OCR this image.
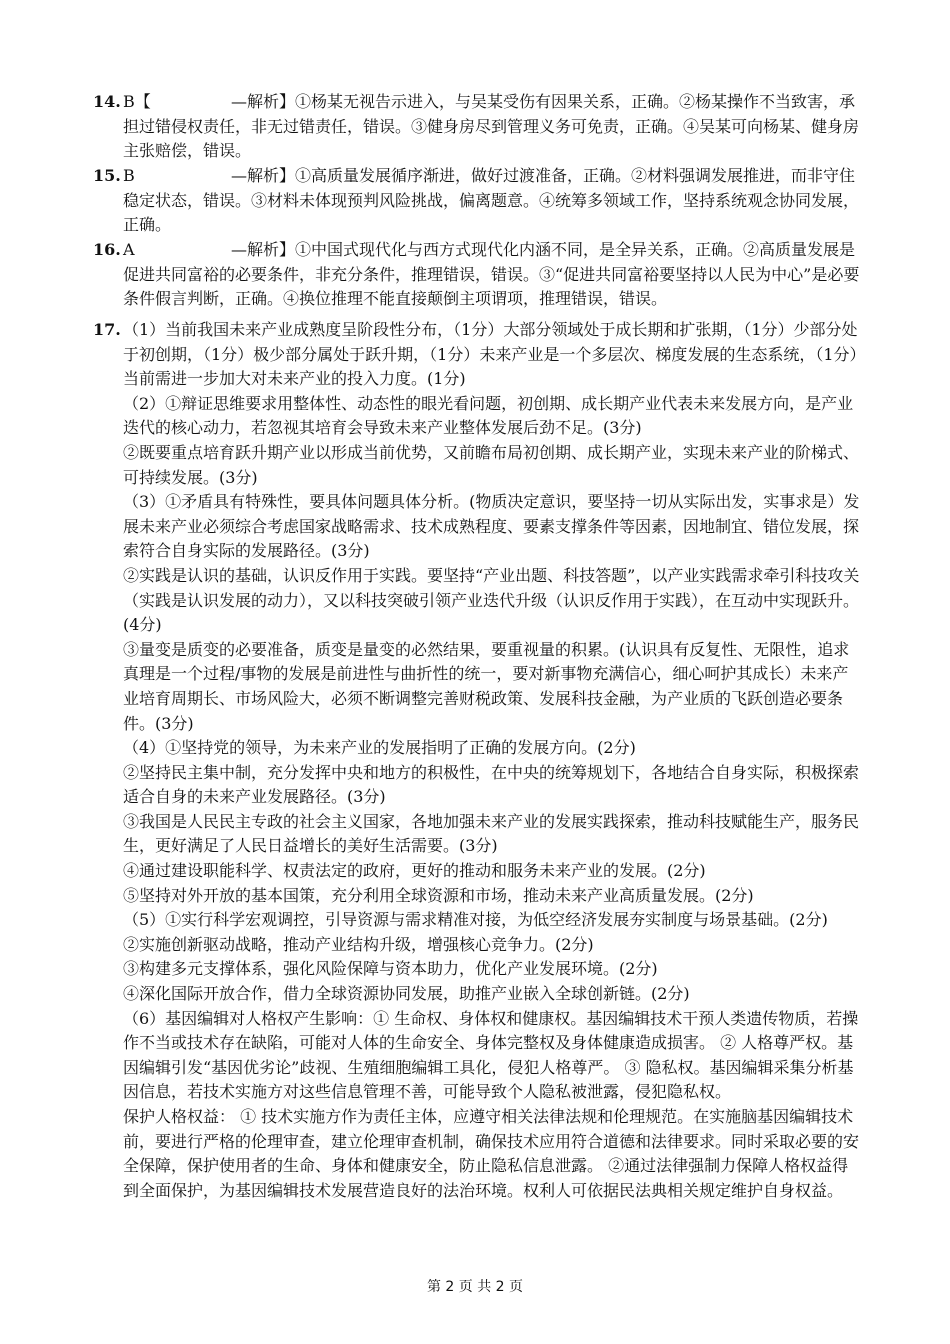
14. B【	—解析】①杨某无视告示进入，与吴某受伤有因果关系，正确。②杨某操作不当致害，承担过错侵权责任，非无过错责任，错误。③健身房尽到管理义务可免责，正确。④吴某可向杨某、健身房主张赔偿，错误。
15. B	—解析】①高质量发展循序渐进，做好过渡准备，正确。②材料强调发展推进，而非守住稳定状态，错误。③材料未体现预判风险挑战，偏离题意。④统筹多领域工作，坚持系统观念协同发展，正确。
16. A	—解析】①中国式现代化与西方式现代化内涵不同，是全异关系，正确。②高质量发展是促进共同富裕的必要条件，非充分条件，推理错误，错误。③“促进共同富裕要坚持以人民为中心”是必要条件假言判断，正确。④换位推理不能直接颠倒主项谓项，推理错误，错误。
17. （1）当前我国未来产业成熟度呈阶段性分布，（1分）大部分领域处于成长期和扩张期，（1分）少部分处于初创期，（1分）极少部分属处于跃升期，（1分）未来产业是一个多层次、梯度发展的生态系统，（1分）当前需进一步加大对未来产业的投入力度。(1分)
（2）①辩证思维要求用整体性、动态性的眼光看问题，初创期、成长期产业代表未来发展方向，是产业迭代的核心动力，若忽视其培育会导致未来产业整体发展后劲不足。(3分)
②既要重点培育跃升期产业以形成当前优势，又前瞻布局初创期、成长期产业，实现未来产业的阶梯式、可持续发展。(3分)
（3）①矛盾具有特殊性，要具体问题具体分析。(物质决定意识，要坚持一切从实际出发，实事求是）发展未来产业必须综合考虑国家战略需求、技术成熟程度、要素支撑条件等因素，因地制宜、错位发展，探索符合自身实际的发展路径。(3分)
②实践是认识的基础，认识反作用于实践。要坚持“产业出题、科技答题”，以产业实践需求牵引科技攻关（实践是认识发展的动力），又以科技突破引领产业迭代升级（认识反作用于实践），在互动中实现跃升。(4分)
③量变是质变的必要准备，质变是量变的必然结果，要重视量的积累。(认识具有反复性、无限性，追求真理是一个过程/事物的发展是前进性与曲折性的统一，要对新事物充满信心，细心呵护其成长）未来产业培育周期长、市场风险大，必须不断调整完善财税政策、发展科技金融，为产业质的飞跃创造必要条件。(3分)
（4）①坚持党的领导，为未来产业的发展指明了正确的发展方向。(2分)
②坚持民主集中制，充分发挥中央和地方的积极性，在中央的统筹规划下，各地结合自身实际，积极探索适合自身的未来产业发展路径。(3分)
③我国是人民民主专政的社会主义国家，各地加强未来产业的发展实践探索，推动科技赋能生产，服务民生，更好满足了人民日益增长的美好生活需要。(3分)
④通过建设职能科学、权责法定的政府，更好的推动和服务未来产业的发展。(2分)
⑤坚持对外开放的基本国策，充分利用全球资源和市场，推动未来产业高质量发展。(2分)
（5）①实行科学宏观调控，引导资源与需求精准对接，为低空经济发展夯实制度与场景基础。(2分)
②实施创新驱动战略，推动产业结构升级，增强核心竞争力。(2分)
③构建多元支撑体系，强化风险保障与资本助力，优化产业发展环境。(2分)
④深化国际开放合作，借力全球资源协同发展，助推产业嵌入全球创新链。(2分)
（6）基因编辑对人格权产生影响：① 生命权、身体权和健康权。基因编辑技术干预人类遗传物质，若操作不当或技术存在缺陷，可能对人体的生命安全、身体完整权及身体健康造成损害。 ② 人格尊严权。基因编辑引发“基因优劣论”歧视、生殖细胞编辑工具化，侵犯人格尊严。 ③ 隐私权。基因编辑采集分析基因信息，若技术实施方对这些信息管理不善，可能导致个人隐私被泄露，侵犯隐私权。
保护人格权益： ① 技术实施方作为责任主体，应遵守相关法律法规和伦理规范。在实施脑基因编辑技术前，要进行严格的伦理审查，建立伦理审查机制，确保技术应用符合道德和法律要求。同时采取必要的安全保障，保护使用者的生命、身体和健康安全，防止隐私信息泄露。 ②通过法律强制力保障人格权益得到全面保护，为基因编辑技术发展营造良好的法治环境。权利人可依据民法典相关规定维护自身权益。
第 2 页 共 2 页
